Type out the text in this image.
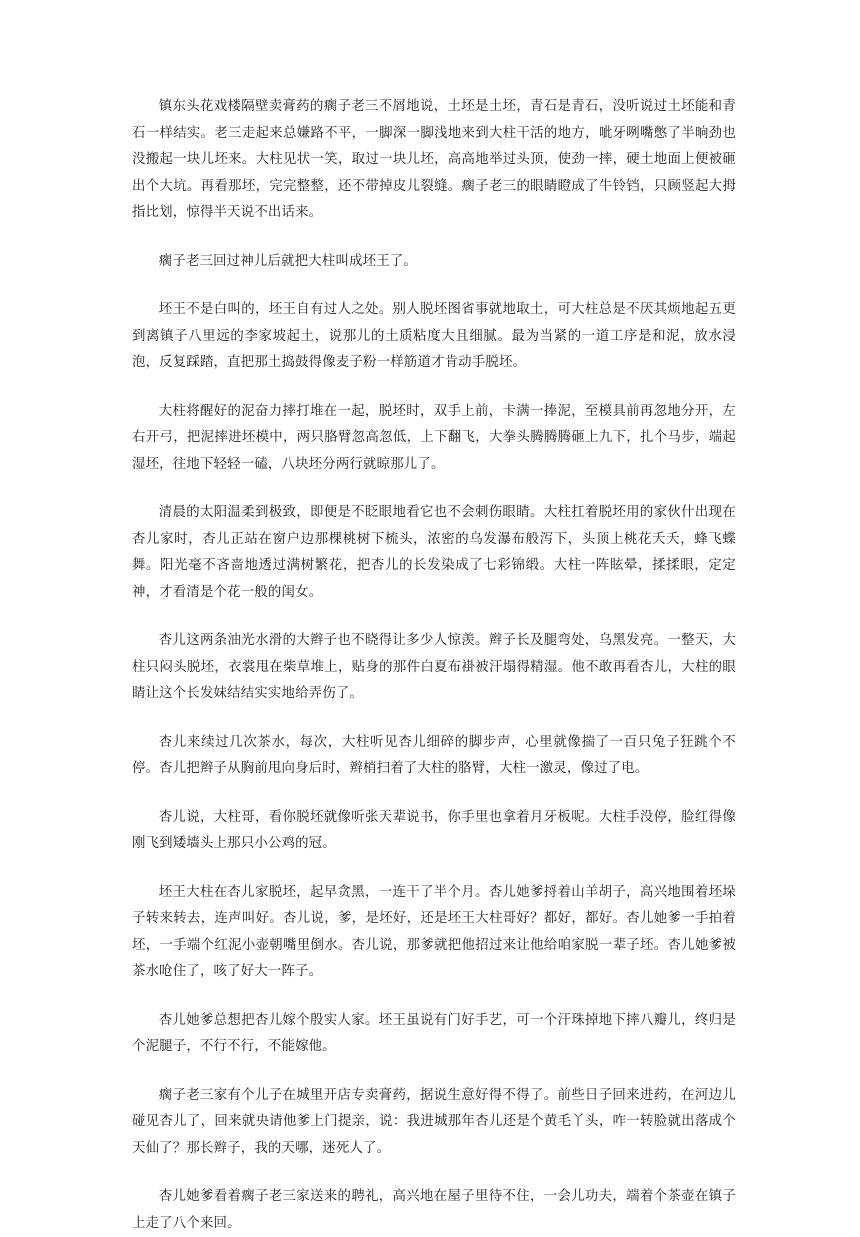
镇东头花戏楼隔壁卖膏药的瘸子老三不屑地说，土坯是土坯，青石是青石，没听说过土坯能和青石一样结实。老三走起来总嫌路不平，一脚深一脚浅地来到大柱干活的地方，呲牙咧嘴憋了半晌劲也没搬起一块儿坯来。大柱见状一笑，取过一块儿坯，高高地举过头顶，使劲一摔，硬土地面上便被砸出个大坑。再看那坯，完完整整，还不带掉皮儿裂缝。瘸子老三的眼睛瞪成了牛铃铛，只顾竖起大拇指比划，惊得半天说不出话来。

瘸子老三回过神儿后就把大柱叫成坯王了。

坯王不是白叫的，坯王自有过人之处。别人脱坯图省事就地取土，可大柱总是不厌其烦地起五更到离镇子八里远的李家坡起土，说那儿的土质粘度大且细腻。最为当紧的一道工序是和泥，放水浸泡，反复踩踏，直把那土捣鼓得像麦子粉一样筋道才肯动手脱坯。

大柱将醒好的泥奋力摔打堆在一起，脱坯时，双手上前，卡满一捧泥，至模具前再忽地分开，左右开弓，把泥摔进坯模中，两只胳臂忽高忽低，上下翻飞，大拳头腾腾腾砸上九下，扎个马步，端起湿坯，往地下轻轻一磕，八块坯分两行就晾那儿了。

清晨的太阳温柔到极致，即便是不眨眼地看它也不会刺伤眼睛。大柱扛着脱坯用的家伙什出现在杏儿家时，杏儿正站在窗户边那棵桃树下梳头，浓密的乌发瀑布般泻下，头顶上桃花夭夭，蜂飞蝶舞。阳光毫不吝啬地透过满树繁花，把杏儿的长发染成了七彩锦缎。大柱一阵眩晕，揉揉眼，定定神，才看清是个花一般的闺女。

杏儿这两条油光水滑的大辫子也不晓得让多少人惊羡。辫子长及腿弯处，乌黑发亮。一整天，大柱只闷头脱坯，衣裳甩在柴草堆上，贴身的那件白夏布褂被汗塌得精湿。他不敢再看杏儿，大柱的眼睛让这个长发妹结结实实地给弄伤了。

杏儿来续过几次茶水，每次，大柱听见杏儿细碎的脚步声，心里就像揣了一百只兔子狂跳个不停。杏儿把辫子从胸前甩向身后时，辫梢扫着了大柱的胳臂，大柱一激灵，像过了电。

杏儿说，大柱哥，看你脱坯就像听张天辈说书，你手里也拿着月牙板呢。大柱手没停，脸红得像刚飞到矮墙头上那只小公鸡的冠。

坯王大柱在杏儿家脱坯，起早贪黑，一连干了半个月。杏儿她爹捋着山羊胡子，高兴地围着坯垛子转来转去，连声叫好。杏儿说，爹，是坯好，还是坯王大柱哥好？都好，都好。杏儿她爹一手拍着坯，一手端个红泥小壶朝嘴里倒水。杏儿说，那爹就把他招过来让他给咱家脱一辈子坯。杏儿她爹被茶水呛住了，咳了好大一阵子。

杏儿她爹总想把杏儿嫁个殷实人家。坯王虽说有门好手艺，可一个汗珠掉地下摔八瓣儿，终归是个泥腿子，不行不行，不能嫁他。

瘸子老三家有个儿子在城里开店专卖膏药，据说生意好得不得了。前些日子回来进药，在河边儿碰见杏儿了，回来就央请他爹上门提亲，说：我进城那年杏儿还是个黄毛丫头，咋一转脸就出落成个天仙了？那长辫子，我的天哪，迷死人了。

杏儿她爹看着瘸子老三家送来的聘礼，高兴地在屋子里待不住，一会儿功夫，端着个茶壶在镇子上走了八个来回。
